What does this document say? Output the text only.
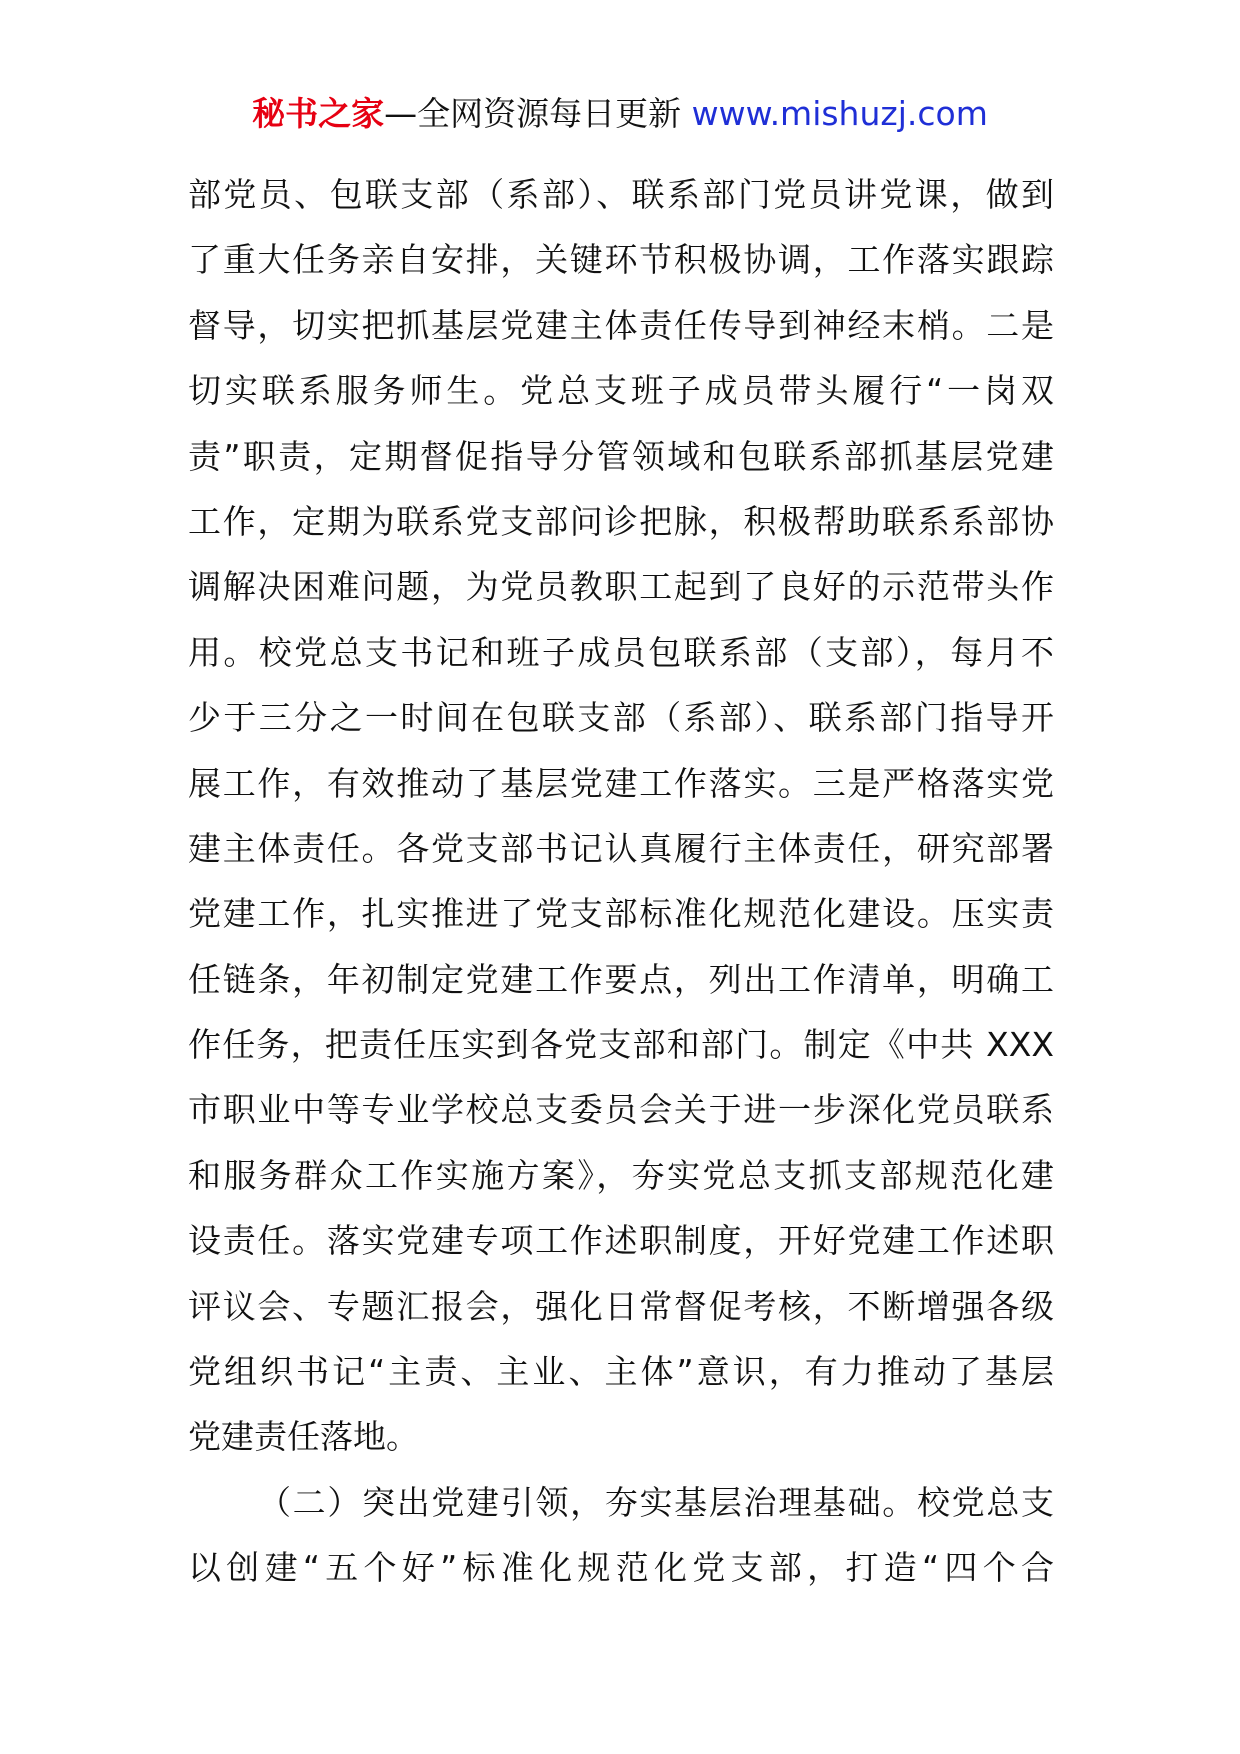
秘书之家—全网资源每日更新 www.mishuzj.com
部党员、包联支部（系部）、联系部门党员讲党课，做到
了重大任务亲自安排，关键环节积极协调，工作落实跟踪
督导，切实把抓基层党建主体责任传导到神经末梢。二是
切实联系服务师生。党总支班子成员带头履行“一岗双
责”职责，定期督促指导分管领域和包联系部抓基层党建
工作，定期为联系党支部问诊把脉，积极帮助联系系部协
调解决困难问题，为党员教职工起到了良好的示范带头作
用。校党总支书记和班子成员包联系部（支部），每月不
少于三分之一时间在包联支部（系部）、联系部门指导开
展工作，有效推动了基层党建工作落实。三是严格落实党
建主体责任。各党支部书记认真履行主体责任，研究部署
党建工作，扎实推进了党支部标准化规范化建设。压实责
任链条，年初制定党建工作要点，列出工作清单，明确工
作任务，把责任压实到各党支部和部门。制定《中共 XXX
市职业中等专业学校总支委员会关于进一步深化党员联系
和服务群众工作实施方案》，夯实党总支抓支部规范化建
设责任。落实党建专项工作述职制度，开好党建工作述职
评议会、专题汇报会，强化日常督促考核，不断增强各级
党组织书记“主责、主业、主体”意识，有力推动了基层
党建责任落地。
（二）突出党建引领，夯实基层治理基础。校党总支
以创建“五个好”标准化规范化党支部，打造“四个合
